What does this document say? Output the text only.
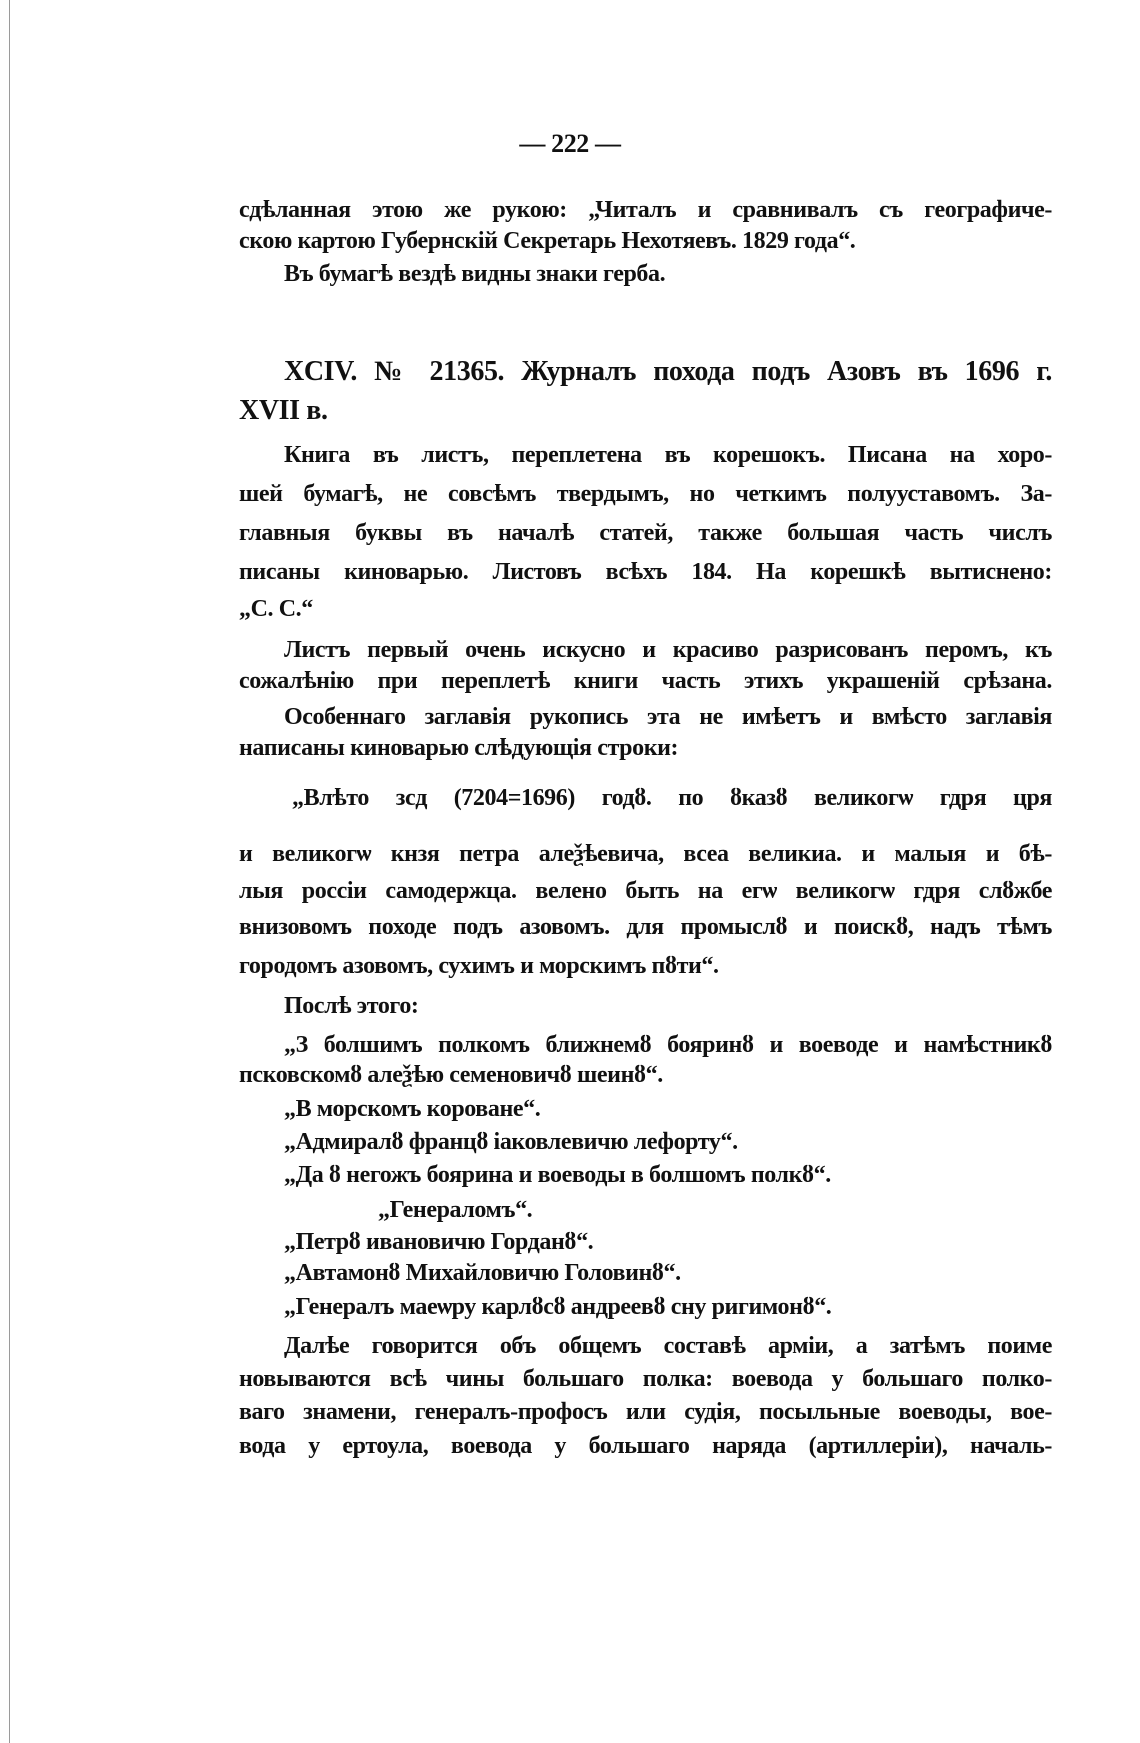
— 222 —
сдѣланная этою же рукою: „Читалъ и сравнивалъ съ географиче-
скою картою Губернскій Секретарь Нехотяевъ. 1829 года“.
Въ бумагѣ вездѣ видны знаки герба.
XCIV. № 21365. Журналъ похода подъ Азовъ въ 1696 г.
XVII в.
Книга въ листъ, переплетена въ корешокъ. Писана на хоро-
шей бумагѣ, не совсѣмъ твердымъ, но четкимъ полууставомъ. За-
главныя буквы въ началѣ статей, также большая часть числъ
писаны киноварью. Листовъ всѣхъ 184. На корешкѣ вытиснено:
„С. С.“
Листъ первый очень искусно и красиво разрисованъ перомъ, къ
сожалѣнію при переплетѣ книги часть этихъ украшеній срѣзана.
Особеннаго заглавія рукопись эта не имѣетъ и вмѣсто заглавія
написаны киноварью слѣдующія строки:
„Влѣто зсд (7204=1696) годȣ. по ȣказȣ великогѡ гдря цря
и великогѡ кнзя петра алеѯѣевича, всеа великиа. и малыя и бѣ-
лыя россіи самодержца. велено быть на егѡ великогѡ гдря слȣжбе
внизовомъ походе подъ азовомъ. для промыслȣ и поискȣ, надъ тѣмъ
городомъ азовомъ, сухимъ и морскимъ пȣти“.
Послѣ этого:
„З болшимъ полкомъ ближнемȣ бояринȣ и воеводе и намѣстникȣ
псковскомȣ алеѯѣю семеновичȣ шеинȣ“.
„В морскомъ короване“.
„Адмиралȣ францȣ іаковлевичю лефорту“.
„Да ȣ негожъ боярина и воеводы в болшомъ полкȣ“.
„Генераломъ“.
„Петрȣ ивановичю Горданȣ“.
„Автамонȣ Михайловичю Головинȣ“.
„Генералъ маеѡру карлȣсȣ андреевȣ сну ригимонȣ“.
Далѣе говорится объ общемъ составѣ арміи, а затѣмъ поиме
новываются всѣ чины большаго полка: воевода у большаго полко-
ваго знамени, генералъ-профосъ или судія, посыльные воеводы, вое-
вода у ертоула, воевода у большаго наряда (артиллеріи), началь-
